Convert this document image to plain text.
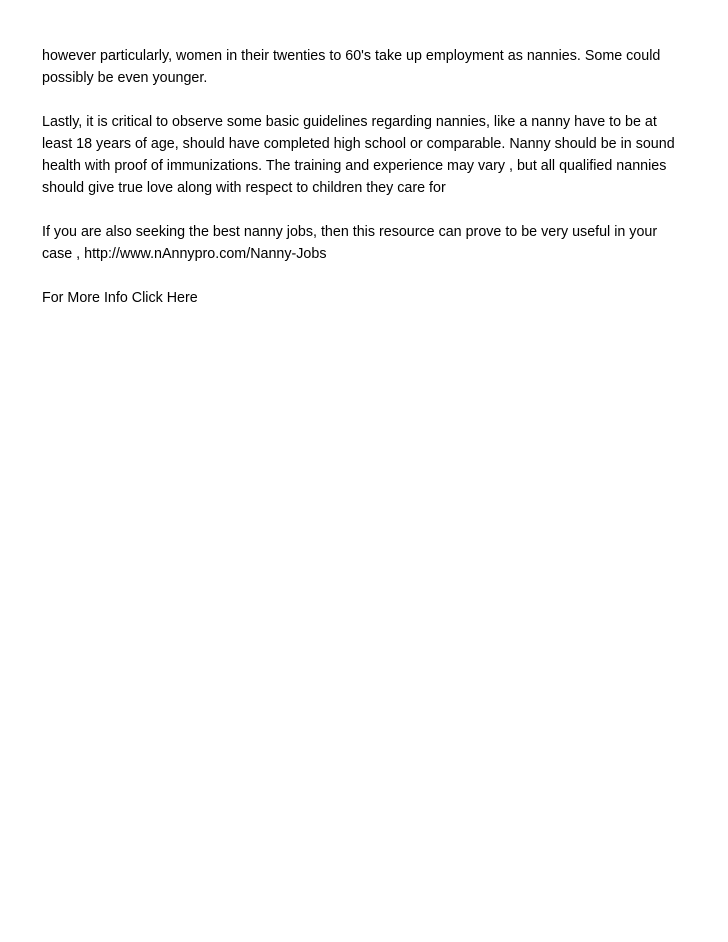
however particularly, women in their twenties to 60's take up employment as nannies. Some could
possibly be even younger.

Lastly, it is critical to observe some basic guidelines regarding nannies, like a nanny have to be at
least 18 years of age, should have completed high school or comparable. Nanny should be in sound
health with proof of immunizations. The training and experience may vary , but all qualified nannies
should give true love along with respect to children they care for

If you are also seeking the best nanny jobs, then this resource can prove to be very useful in your
case , http://www.nAnnypro.com/Nanny-Jobs

For More Info Click Here
